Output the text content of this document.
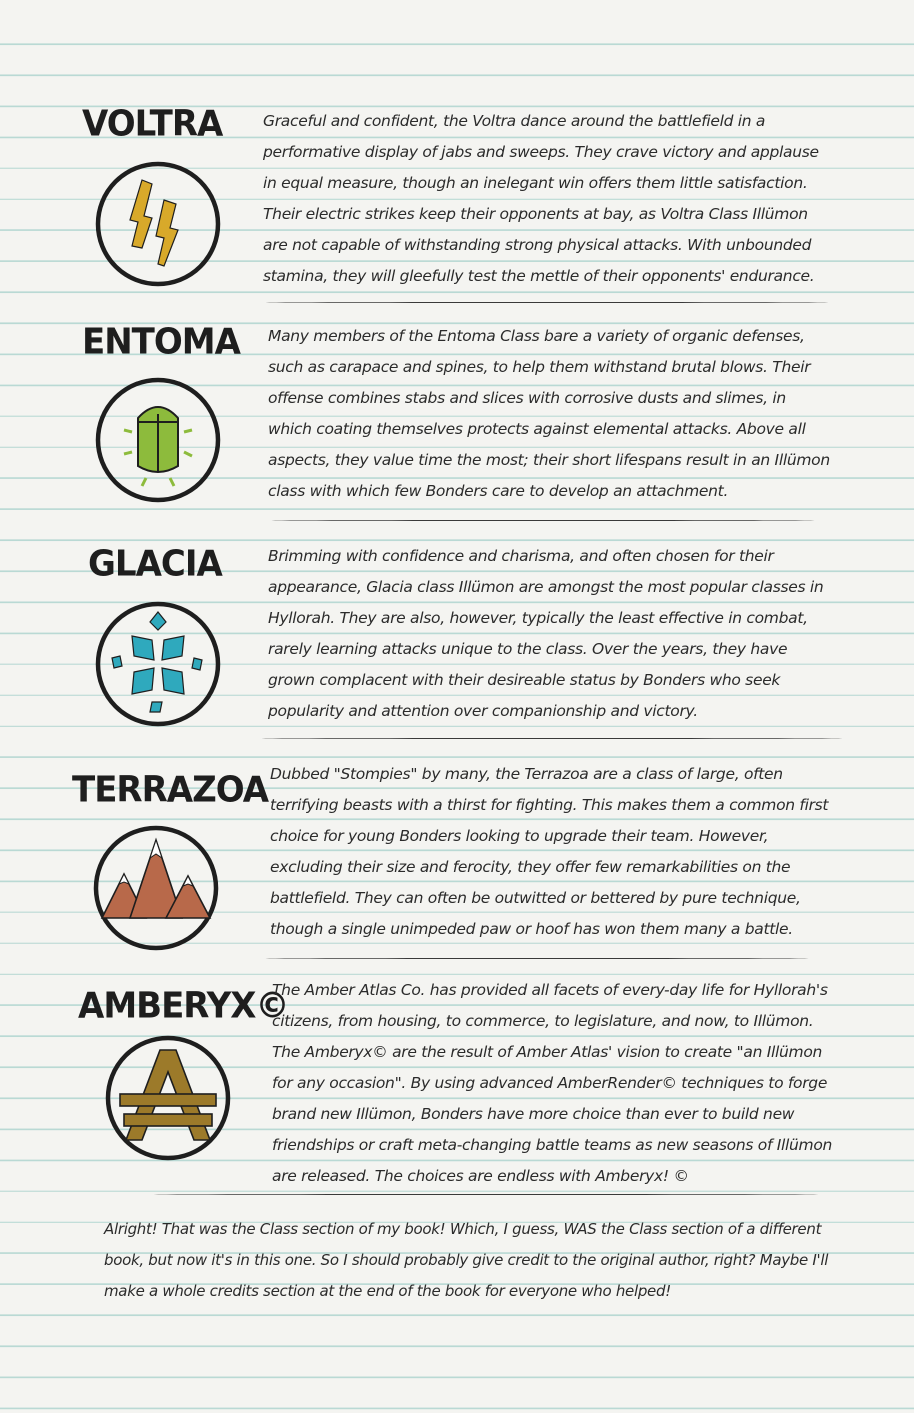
VOLTRA	Graceful and confident, the Voltra dance around the battlefield in a performative display of jabs and sweeps. They crave victory and applause in equal measure, though an inelegant win offers them little satisfaction. Their electric strikes keep their opponents at bay, as Voltra Class Illümon are not capable of withstanding strong physical attacks. With unbounded stamina, they will gleefully test the mettle of their opponents' endurance.

ENTOMA Many members of the Entoma Class bare a variety of organic defenses, such as carapace and spines, to help them withstand brutal blows. Their offense combines stabs and slices with corrosive dusts and slimes, in which coating themselves protects against elemental attacks. Above all aspects, they value time the most; their short lifespans result in an Illümon class with which few Bonders care to develop an attachment.

GLACIA	Brimming with confidence and charisma, and often chosen for their appearance, Glacia class Illümon are amongst the most popular classes in Hyllorah. They are also, however, typically the least effective in combat, rarely learning attacks unique to the class. Over the years, they have grown complacent with their desireable status by Bonders who seek popularity and attention over companionship and victory.

TERRAZOA Dubbed "Stompies" by many, the Terrazoa are a class of large, often terrifying beasts with a thirst for fighting. This makes them a common first choice for young Bonders looking to upgrade their team. However, excluding their size and ferocity, they offer few remarkabilities on the battlefield. They can often be outwitted or bettered by pure technique, though a single unimpeded paw or hoof has won them many a battle.

AMBERYX©

The Amber Atlas Co. has provided all facets of every-day life for Hyllorah's citizens, from housing, to commerce, to legislature, and now, to Illümon. The Amberyx© are the result of Amber Atlas' vision to create "an Illümon for any occasion". By using advanced AmberRender© techniques to forge brand new Illümon, Bonders have more choice than ever to build new friendships or craft meta-changing battle teams as new seasons of Illümon are released. The choices are endless with Amberyx! ©

Alright! That was the Class section of my book! Which, I guess, WAS the Class section of a different book, but now it's in this one. So I should probably give credit to the original author, right? Maybe I'll make a whole credits section at the end of the book for everyone who helped!
